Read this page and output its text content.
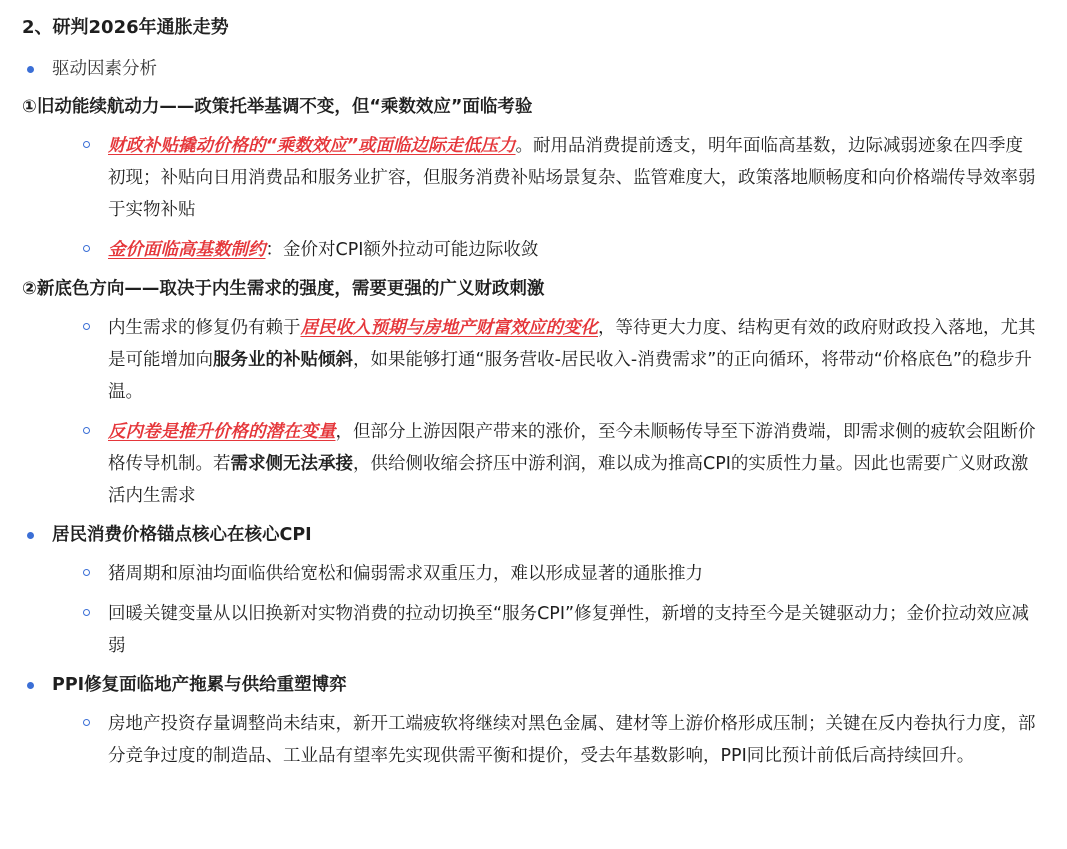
2、研判2026年通胀走势
驱动因素分析
①旧动能续航动力——政策托举基调不变，但“乘数效应”面临考验
财政补贴撬动价格的“乘数效应”或面临边际走低压力。耐用品消费提前透支，明年面临高基数，边际减弱迹象在四季度初现；补贴向日用消费品和服务业扩容，但服务消费补贴场景复杂、监管难度大，政策落地顺畅度和向价格端传导效率弱于实物补贴
金价面临高基数制约：金价对CPI额外拉动可能边际收敛
②新底色方向——取决于内生需求的强度，需要更强的广义财政刺激
内生需求的修复仍有赖于居民收入预期与房地产财富效应的变化，等待更大力度、结构更有效的政府财政投入落地，尤其是可能增加向服务业的补贴倾斜，如果能够打通“服务营收-居民收入-消费需求”的正向循环，将带动“价格底色”的稳步升温。
反内卷是推升价格的潜在变量，但部分上游因限产带来的涨价，至今未顺畅传导至下游消费端，即需求侧的疲软会阻断价格传导机制。若需求侧无法承接，供给侧收缩会挤压中游利润，难以成为推高CPI的实质性力量。因此也需要广义财政激活内生需求
居民消费价格锚点核心在核心CPI
猪周期和原油均面临供给宽松和偏弱需求双重压力，难以形成显著的通胀推力
回暖关键变量从以旧换新对实物消费的拉动切换至“服务CPI”修复弹性，新增的支持至今是关键驱动力；金价拉动效应减弱
PPI修复面临地产拖累与供给重塑博弈
房地产投资存量调整尚未结束，新开工端疲软将继续对黑色金属、建材等上游价格形成压制；关键在反内卷执行力度，部分竞争过度的制造品、工业品有望率先实现供需平衡和提价，受去年基数影响，PPI同比预计前低后高持续回升。
